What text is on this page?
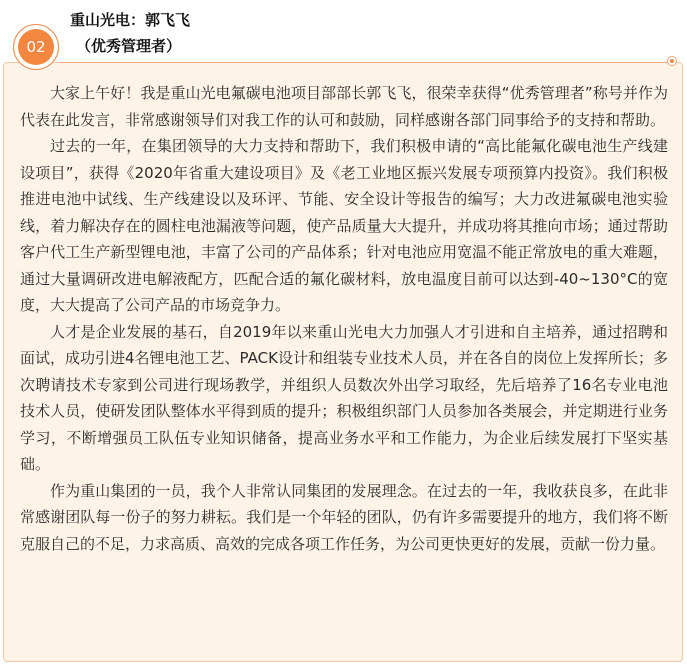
02
重山光电：郭飞飞
（优秀管理者）

大家上午好！我是重山光电氟碳电池项目部部长郭飞飞，很荣幸获得“优秀管理者”称号并作为代表在此发言，非常感谢领导们对我工作的认可和鼓励，同样感谢各部门同事给予的支持和帮助。

过去的一年，在集团领导的大力支持和帮助下，我们积极申请的“高比能氟化碳电池生产线建设项目”，获得《2020年省重大建设项目》及《老工业地区振兴发展专项预算内投资》。我们积极推进电池中试线、生产线建设以及环评、节能、安全设计等报告的编写；大力改进氟碳电池实验线，着力解决存在的圆柱电池漏液等问题，使产品质量大大提升，并成功将其推向市场；通过帮助客户代工生产新型锂电池，丰富了公司的产品体系；针对电池应用宽温不能正常放电的重大难题，通过大量调研改进电解液配方，匹配合适的氟化碳材料，放电温度目前可以达到-40~130°C的宽度，大大提高了公司产品的市场竞争力。

人才是企业发展的基石，自2019年以来重山光电大力加强人才引进和自主培养，通过招聘和面试，成功引进4名锂电池工艺、PACK设计和组装专业技术人员，并在各自的岗位上发挥所长；多次聘请技术专家到公司进行现场教学，并组织人员数次外出学习取经，先后培养了16名专业电池技术人员，使研发团队整体水平得到质的提升；积极组织部门人员参加各类展会，并定期进行业务学习，不断增强员工队伍专业知识储备，提高业务水平和工作能力，为企业后续发展打下坚实基础。

作为重山集团的一员，我个人非常认同集团的发展理念。在过去的一年，我收获良多，在此非常感谢团队每一份子的努力耕耘。我们是一个年轻的团队，仍有许多需要提升的地方，我们将不断克服自己的不足，力求高质、高效的完成各项工作任务，为公司更快更好的发展，贡献一份力量。
